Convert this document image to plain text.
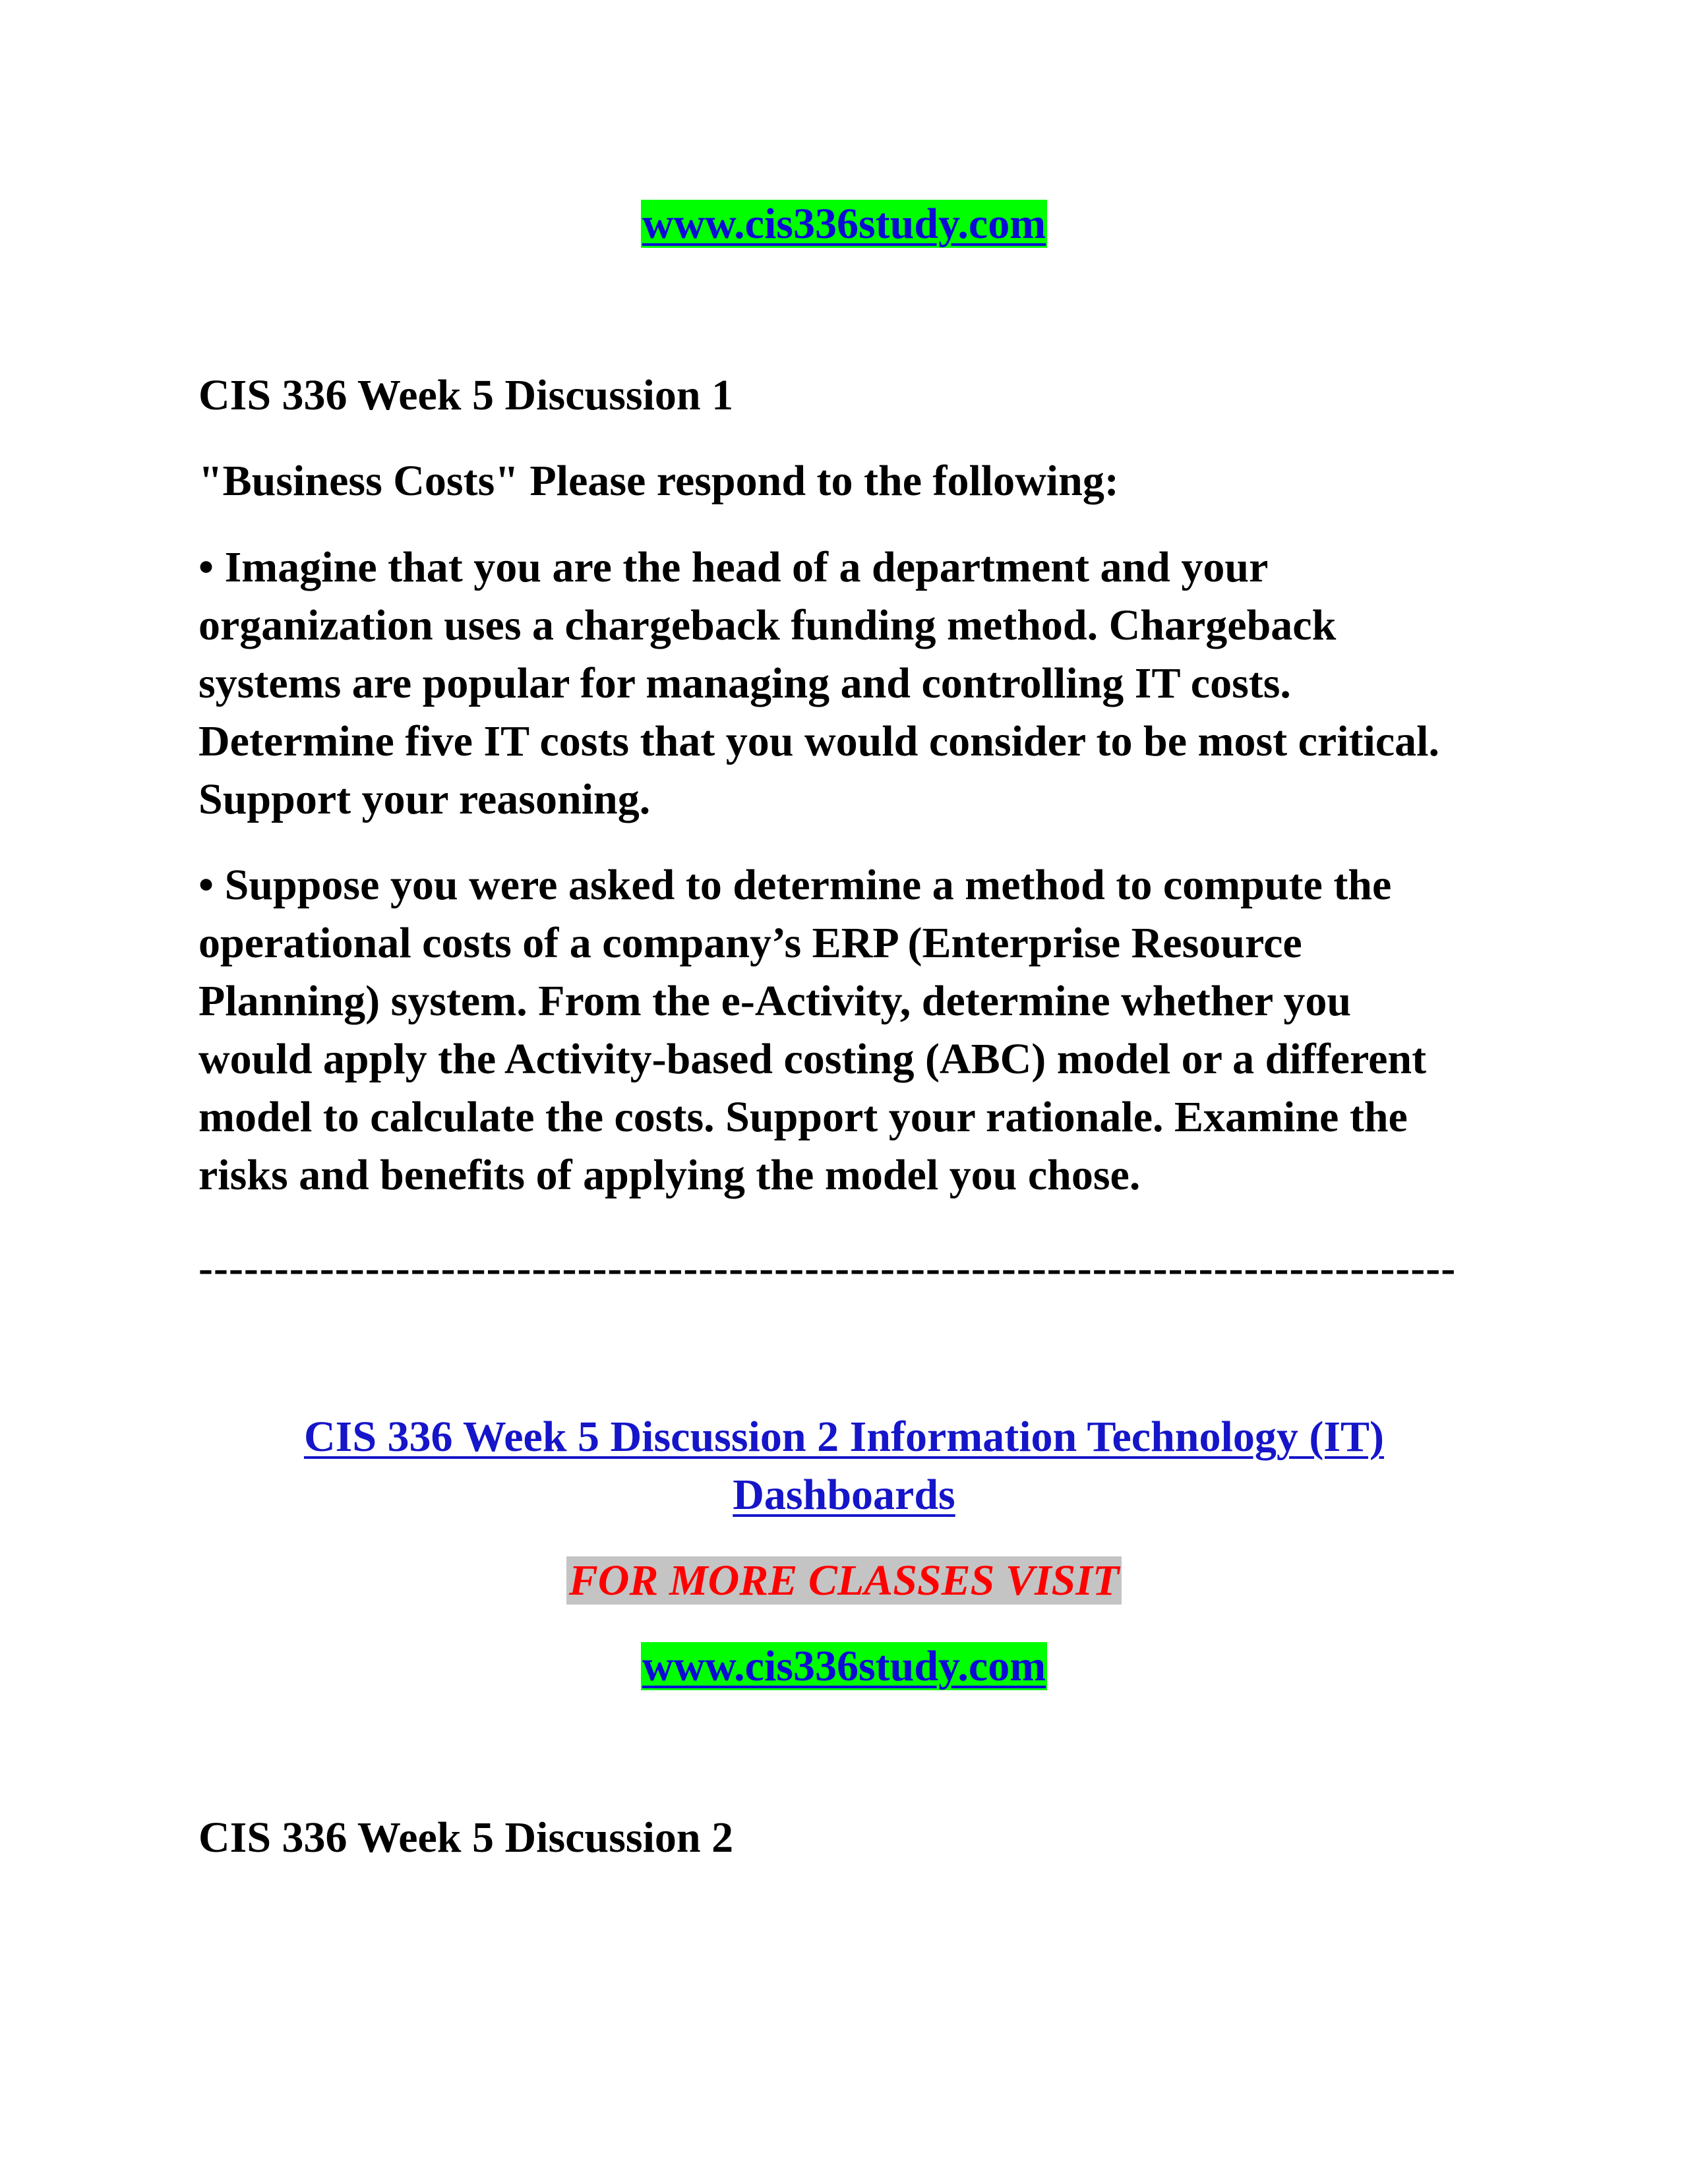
www.cis336study.com
CIS 336 Week 5 Discussion 1
"Business Costs" Please respond to the following:
• Imagine that you are the head of a department and your
organization uses a chargeback funding method. Chargeback
systems are popular for managing and controlling IT costs.
Determine five IT costs that you would consider to be most critical.
Support your reasoning.
• Suppose you were asked to determine a method to compute the
operational costs of a company’s ERP (Enterprise Resource
Planning) system. From the e-Activity, determine whether you
would apply the Activity-based costing (ABC) model or a different
model to calculate the costs. Support your rationale. Examine the
risks and benefits of applying the model you chose.
-----------------------------------------------------------------------------------
CIS 336 Week 5 Discussion 2 Information Technology (IT)
Dashboards
FOR MORE CLASSES VISIT
www.cis336study.com
CIS 336 Week 5 Discussion 2
